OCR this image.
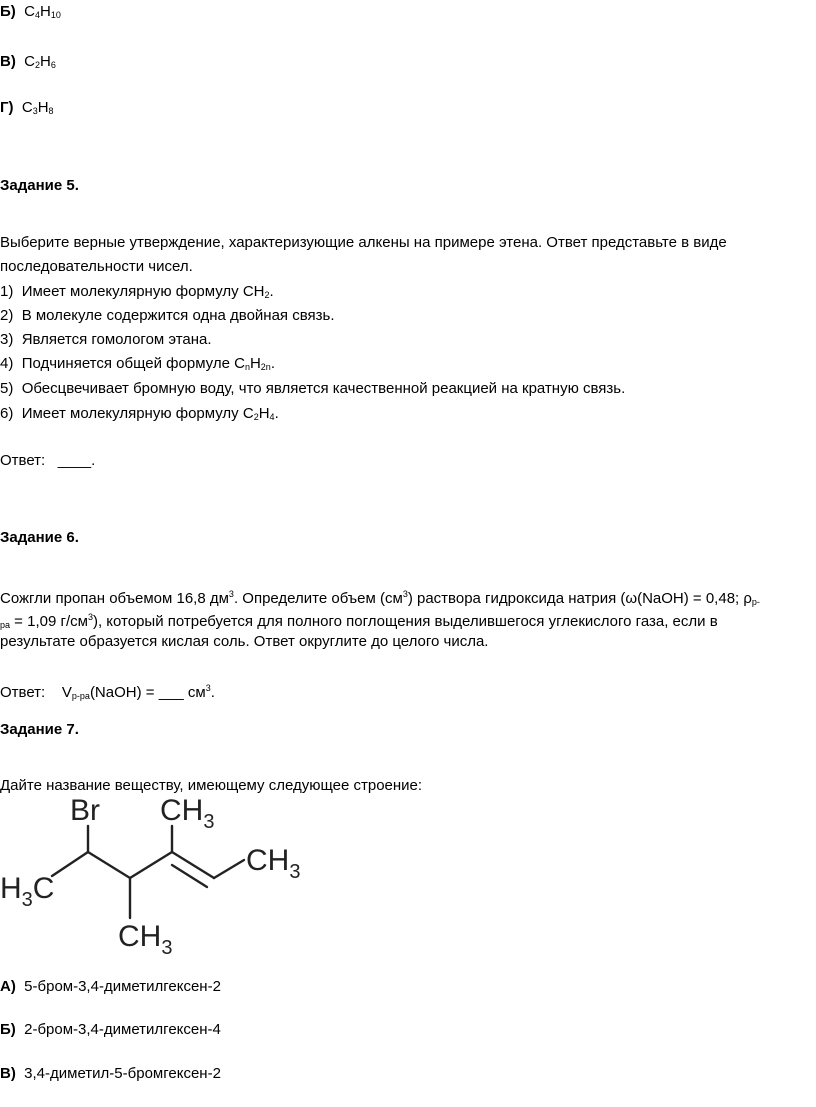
Б) $C_4H_{10}$
В) $C_2H_6$
Г) $C_3H_8$
Задание 5.
Выберите верные утверждение, характеризующие алкены на примере этена. Ответ представьте в виде
последовательности чисел.
1) Имеет молекулярную формулу $CH_2$.
2) В молекуле содержится одна двойная связь.
3) Является гомологом этана.
4) Подчиняется общей формуле $C_nH_{2n}$.
5) Обесцвечивает бромную воду, что является качественной реакцией на кратную связь.
6) Имеет молекулярную формулу $C_2H_4$.
Ответ: ____.
Задание 6.
Сожгли пропан объемом 16,8 $дм^3$. Определите объем $(см^3)$ раствора гидроксида натрия (ω(NaOH) = 0,48; $\rho_{р-}$
$_{ра}$ = 1,09 $г/см^3$), который потребуется для полного поглощения выделившегося углекислого газа, если в
результате образуется кислая соль. Ответ округлите до целого числа.
Ответ: $V_{р-ра}(NaOH)$ = ___ $см^3$.
Задание 7.
Дайте название веществу, имеющему следующее строение:
Br $CH_3$
$CH_3$
$H_3C$
$CH_3$
А) 5-бром-3,4-диметилгексен-2
Б) 2-бром-3,4-диметилгексен-4
В) 3,4-диметил-5-бромгексен-2
